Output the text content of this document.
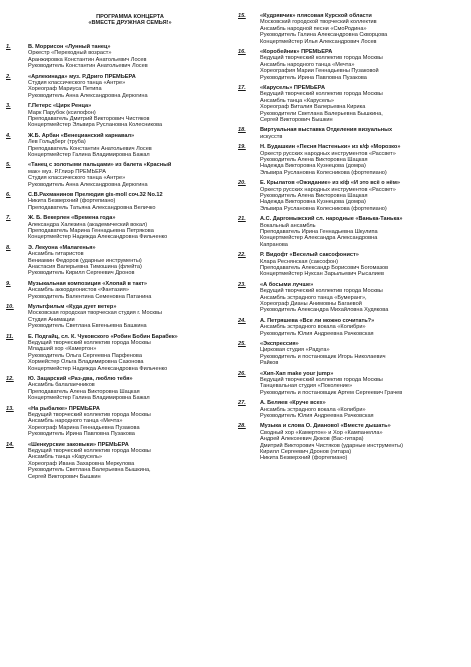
ПРОГРАММА КОНЦЕРТА
«ВМЕСТЕ ДРУЖНАЯ СЕМЬЯ!»
1.	В. Моррисон «Лунный танец»
Оркестр «Переходный возраст»
Аранжировка Константин Анатольевич Лосев
Руководитель Константин Анатольевич Лосев
2.	«Арлекинада» муз. Р.Дриго ПРЕМЬЕРА
Студия классического танца «Антре»
Хореограф Мариуса Петипа
Руководитель Анна Александровна Дерюгина
3.	Г.Петерс «Цирк Ренца»
Марк Парубок (ксилофон)
Преподаватель Дмитрий Викторович Чистяков
Концертмейстер Эльвира Руслановна Колесникова
4.	Ж.Б. Арбан «Венецианский карнавал»
Лев Гольдберг (труба)
Преподаватель Константин Анатольевич Лосев
Концертмейстер Галина Владимировна Бажал
5.	«Танец с золотыми пальцами» из балета «Красный
мак» муз. Р.Глиэр ПРЕМЬЕРА
Студия классического танца «Антре»
Руководитель Анна Александровна Дерюгина
6.	С.В.Рахманинов Прелюдия gis-moll соч.32 No.12
Никита Безверхний (фортепиано)
Преподаватель Татьяна Александровна Величко
7.	Ж. Б. Векерлен «Времена года»
Александра Халезина (академический вокал)
Преподаватель Марина Геннадьевна Петрякова
Концертмейстер Надежда Александровна Фильченко
8.	Э. Лекуона «Малагенья»
Ансамбль гитаристов
Вениамин Федоров (ударные инструменты)
Анастасия Валерьевна Тимошина (флейта)
Руководитель Кирилл Сергеевич Дронов
9.	Музыкальная композиция «Хлопай в такт»
Ансамбль аккордеонистов «Фантазия»
Руководитель Валентина Семеновна Патанина
10.	Мультфильм «Куда дует ветер»
Московская городская творческая студия г. Москвы
Студия Анимации
Руководитель Светлана Евгеньевна Башкина
11.	Е. Подгайц, сл. К. Чуковского «Робин Бобин Барабек»
Ведущий творческий коллектив города Москвы
Младший хор «Камертон»
Руководитель Ольга Сергеевна Парфенова
Хормейстер Ольга Владимировна Сазонова
Концертмейстер Надежда Александровна Фильченко
12.	Ю. Зацарский «Раз-два, люблю тебя»
Ансамбль балалаечников
Преподаватель Алена Викторовна Шацкая
Концертмейстер Галина Владимировна Бажал
13.	«На рыбалке» ПРЕМЬЕРА
Ведущий творческий коллектив города Москвы
Ансамбль народного танца «Мечта»
Хореограф Марина Геннадьевна Пузакова
Руководитель Ирина Павловна Пузакова
14.	«Шенкурские заковыки» ПРЕМЬЕРА
Ведущий творческий коллектив города Москвы
Ансамбль танца «Карусель»
Хореограф Ивана Захаровна Меркулова
Руководитель Светлана Валерьевна Бышкина,
Сергей Викторович Бышкин
15.	«Кудрявчик» плясовая Курской области
Московский городской творческий коллектив
Ансамбль народной песни «СмоРодина»
Руководитель Галина Александровна Скворцова
Концертмейстер Илья Александрович Лосев
16.	«Коробейник» ПРЕМЬЕРА
Ведущий творческий коллектив города Москвы
Ансамбль народного танца «Мечта»
Хореография Марии Геннадьевны Пузаковой
Руководитель Ирина Павловна Пузакова
17.	«Карусель» ПРЕМЬЕРА
Ведущий творческий коллектив города Москвы
Ансамбль танца «Карусель»
Хореограф Виталия Валерьевна Кирика
Руководители Светлана Валерьевна Бышкина,
Сергей Викторович Бышкин
18.	Виртуальная выставка Отделения визуальных
искусств
19.	Н. Будашкин «Песня Настеньки» из к/ф «Морозко»
Оркестр русских народных инструментов «Рассвет»
Руководитель Алена Викторовна Шацкая
Надежда Викторовна Кузнецова (домра)
Эльвира Руслановна Колесникова (фортепиано)
20.	Е. Крылатов «Ожидание» из к/ф «И это всё о нём»
Оркестр русских народных инструментов «Рассвет»
Руководитель Алена Викторовна Шацкая
Надежда Викторовна Кузнецова (домра)
Эльвира Руслановна Колесникова (фортепиано)
21.	А.С. Даргомыжский сл. народные «Ванька-Танька»
Вокальный ансамбль
Преподаватель Ирина Геннадьевна Шкулипа
Концертмейстер Александра Александровна
Капранова
22.	Р. Видофт «Веселый саксофонист»
Клара Реснянская (саксофон)
Преподаватель Александр Борисович Богомазов
Концертмейстер Нуксан Зарыльевич Рысалиев
23.	«А босыми лучше»
Ведущий творческий коллектив города Москвы
Ансамбль эстрадного танца «Бумеранг»,
Хореограф Дианы Анимовны Багаевой
Руководитель Александра Михайловна Худякова
24.	А. Петряшева «Все ли можно сочитать?»
Ансамбль эстрадного вокала «Колибри»
Руководитель Юлия Андреевна Рачковская
25.	«Экспрессия»
Цирковая студия «Радуга»
Руководитель и постановщик Игорь Николаевич
Райков
26.	«Хип-Хап make your jump»
Ведущий творческий коллектив города Москвы
Танцевальная студия «Поколение»
Руководитель и постановщик Артем Сергеевич Грачев
27.	А. Беляев «Круче всех»
Ансамбль эстрадного вокала «Колибри»
Руководитель Юлия Андреевна Рачковская
28.	Музыка и слова О. Дианової «Вместе дышать»
Сводный хор «Камертон» и Хор «Кампанелла»
Андрей Алексеевич Дюков (Вас-гитара)
Дмитрий Викторович Чистяков (ударные инструменты)
Кирилл Сергеевич Дронов (гитара)
Никита Безверхний (фортепиано)
